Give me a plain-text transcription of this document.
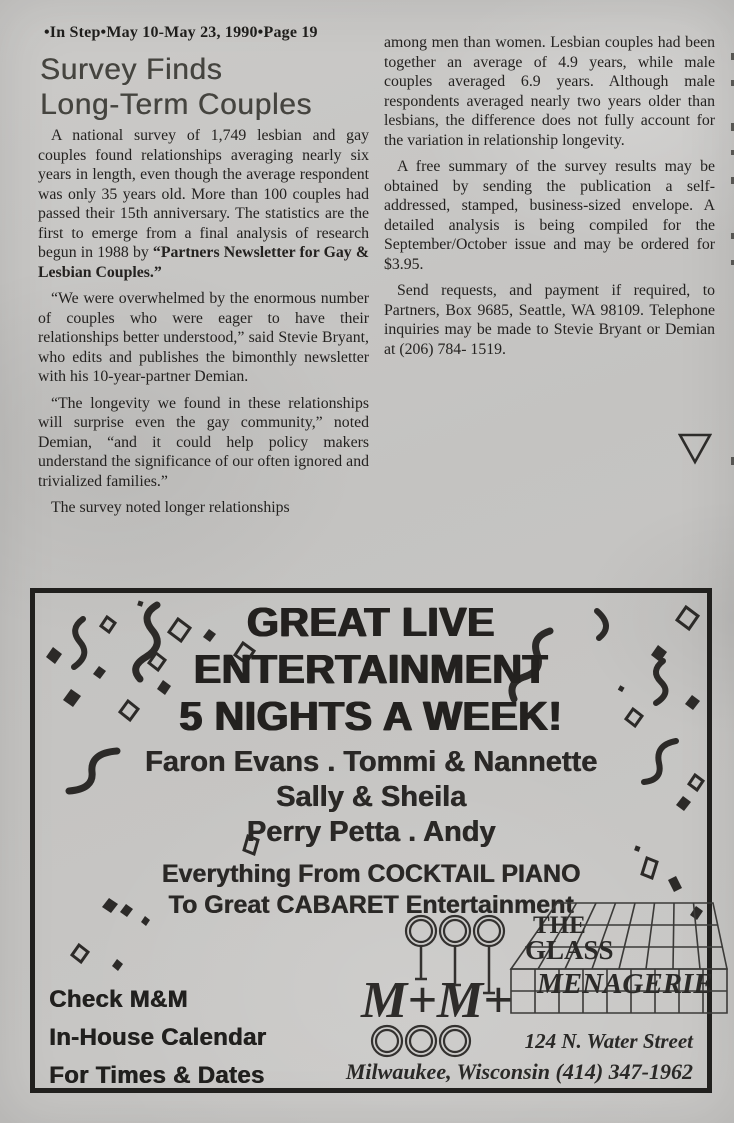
•In Step•May 10-May 23, 1990•Page 19
Survey Finds
Long-Term Couples

A national survey of 1,749 lesbian and gay couples found relationships averaging nearly six years in length, even though the average respondent was only 35 years old. More than 100 couples had passed their 15th anniversary. The statistics are the first to emerge from a final analysis of research begun in 1988 by “Partners Newsletter for Gay & Lesbian Couples.”

“We were overwhelmed by the enormous number of couples who were eager to have their relationships better understood,” said Stevie Bryant, who edits and publishes the bimonthly newsletter with his 10-year-partner Demian.

“The longevity we found in these relationships will surprise even the gay community,” noted Demian, “and it could help policy makers understand the significance of our often ignored and trivialized families.”

The survey noted longer relationships

among men than women. Lesbian couples had been together an average of 4.9 years, while male couples averaged 6.9 years. Although male respondents averaged nearly two years older than lesbians, the difference does not fully account for the variation in relationship longevity.

A free summary of the survey results may be obtained by sending the publication a self- addressed, stamped, business-sized envelope. A detailed analysis is being compiled for the September/October issue and may be ordered for $3.95.

Send requests, and payment if required, to Partners, Box 9685, Seattle, WA 98109. Telephone inquiries may be made to Stevie Bryant or Demian at (206) 784- 1519.

GREAT LIVE
ENTERTAINMENT
5 NIGHTS A WEEK!
Faron Evans . Tommi & Nannette
Sally & Sheila
Perry Petta . Andy
Everything From COCKTAIL PIANO
To Great CABARET Entertainment
M+M+
THE
GLASS
MENAGERIE
Check M&M
In-House Calendar
For Times & Dates
124 N. Water Street
Milwaukee, Wisconsin (414) 347-1962
